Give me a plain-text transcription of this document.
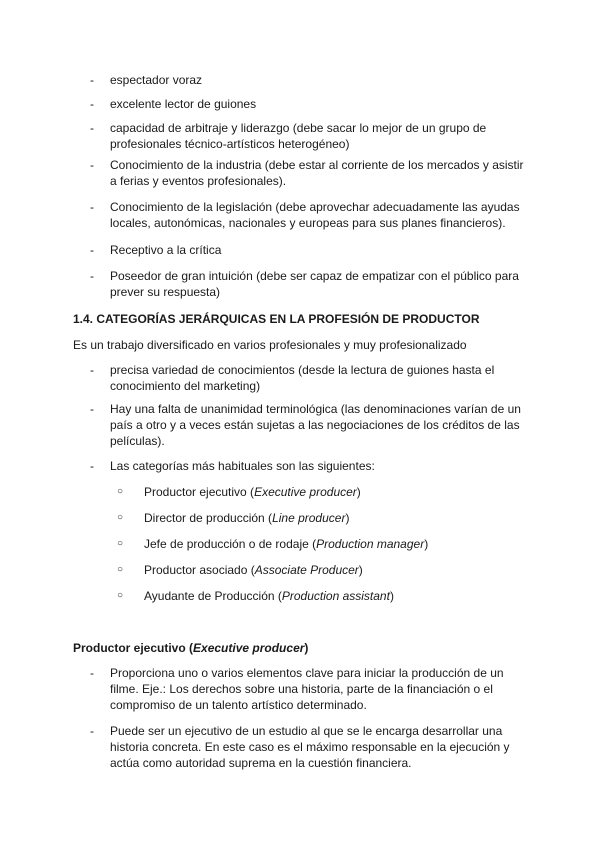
- espectador voraz
- excelente lector de guiones
- capacidad de arbitraje y liderazgo (debe sacar lo mejor de un grupo de
profesionales técnico-artísticos heterogéneo)
- Conocimiento de la industria (debe estar al corriente de los mercados y asistir
a ferias y eventos profesionales).
- Conocimiento de la legislación (debe aprovechar adecuadamente las ayudas
locales, autonómicas, nacionales y europeas para sus planes financieros).
- Receptivo a la crítica
- Poseedor de gran intuición (debe ser capaz de empatizar con el público para
prever su respuesta)
1.4. CATEGORÍAS JERÁRQUICAS EN LA PROFESIÓN DE PRODUCTOR
Es un trabajo diversificado en varios profesionales y muy profesionalizado
- precisa variedad de conocimientos (desde la lectura de guiones hasta el
conocimiento del marketing)
- Hay una falta de unanimidad terminológica (las denominaciones varían de un
país a otro y a veces están sujetas a las negociaciones de los créditos de las
películas).
- Las categorías más habituales son las siguientes:
○ Productor ejecutivo (Executive producer)
○ Director de producción (Line producer)
○ Jefe de producción o de rodaje (Production manager)
○ Productor asociado (Associate Producer)
○ Ayudante de Producción (Production assistant)
Productor ejecutivo (Executive producer)
- Proporciona uno o varios elementos clave para iniciar la producción de un
filme. Eje.: Los derechos sobre una historia, parte de la financiación o el
compromiso de un talento artístico determinado.
- Puede ser un ejecutivo de un estudio al que se le encarga desarrollar una
historia concreta. En este caso es el máximo responsable en la ejecución y
actúa como autoridad suprema en la cuestión financiera.
